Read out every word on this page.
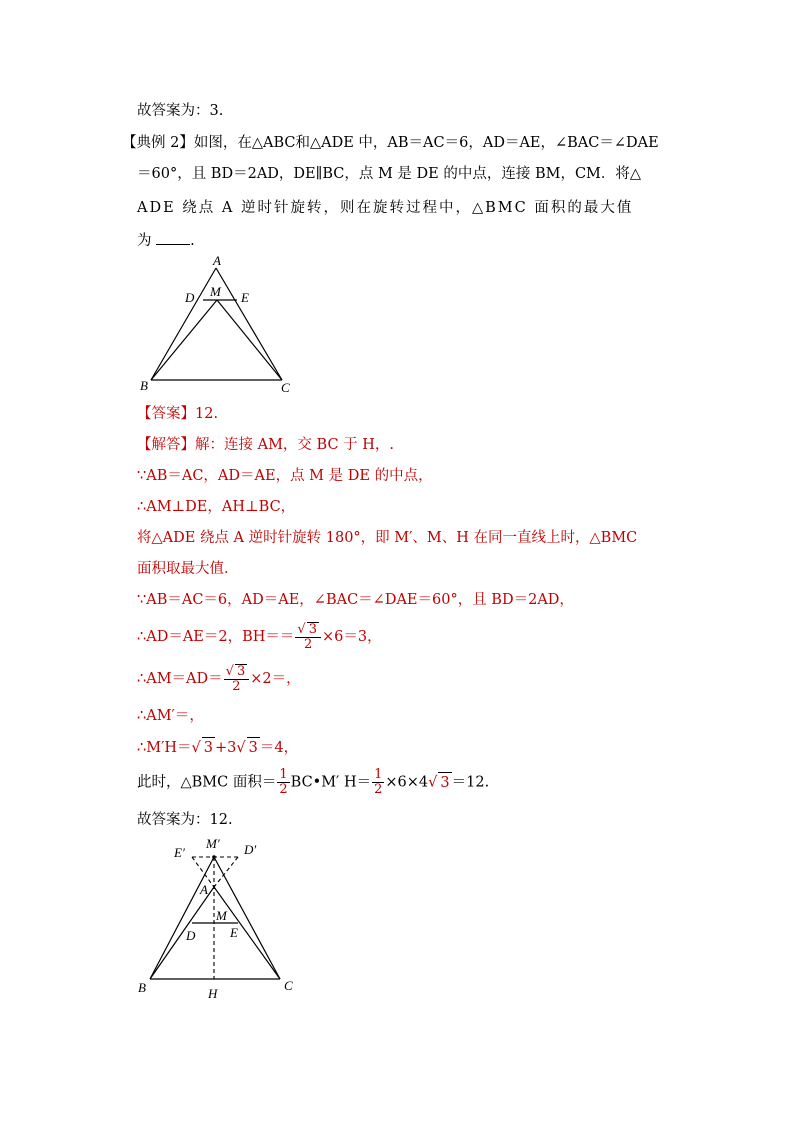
故答案为：3.
【典例 2】如图，在△ABC和△ADE 中，AB＝AC＝6，AD＝AE，∠BAC＝∠DAE
＝60°，且 BD＝2AD，DE∥BC，点 M 是 DE 的中点，连接 BM，CM．将△
ADE 绕点 A 逆时针旋转，则在旋转过程中，△BMC 面积的最大值
为	.
A
D M E
B	C
【答案】12.
【解答】解：连接 AM，交 BC 于 H，.
∵AB＝AC，AD＝AE，点 M 是 DE 的中点，
∴AM⊥DE，AH⊥BC，
将△ADE 绕点 A 逆时针旋转 180°，即 M′、M、H 在同一直线上时，△BMC
面积取最大值.
∵AB＝AC＝6，AD＝AE，∠BAC＝∠DAE＝60°，且 BD＝2AD，
∴AD＝AE＝2，$BH== \frac{√ 3}{2} \times 6=3$，
∴AM＝AD＝ $\frac{√ 3}{2} \times 2=$，
∴AM′＝，
∴M′H＝√ 3 +3√ 3 ＝4，
此时，△BMC 面积＝ $\frac{1}{2}$ BC•M′ $H= \frac{1}{2} \times 6\times 4√$ 3 ＝12.
故答案为：12.
M′
E′	D′
A
M
D	E
B	C
H
